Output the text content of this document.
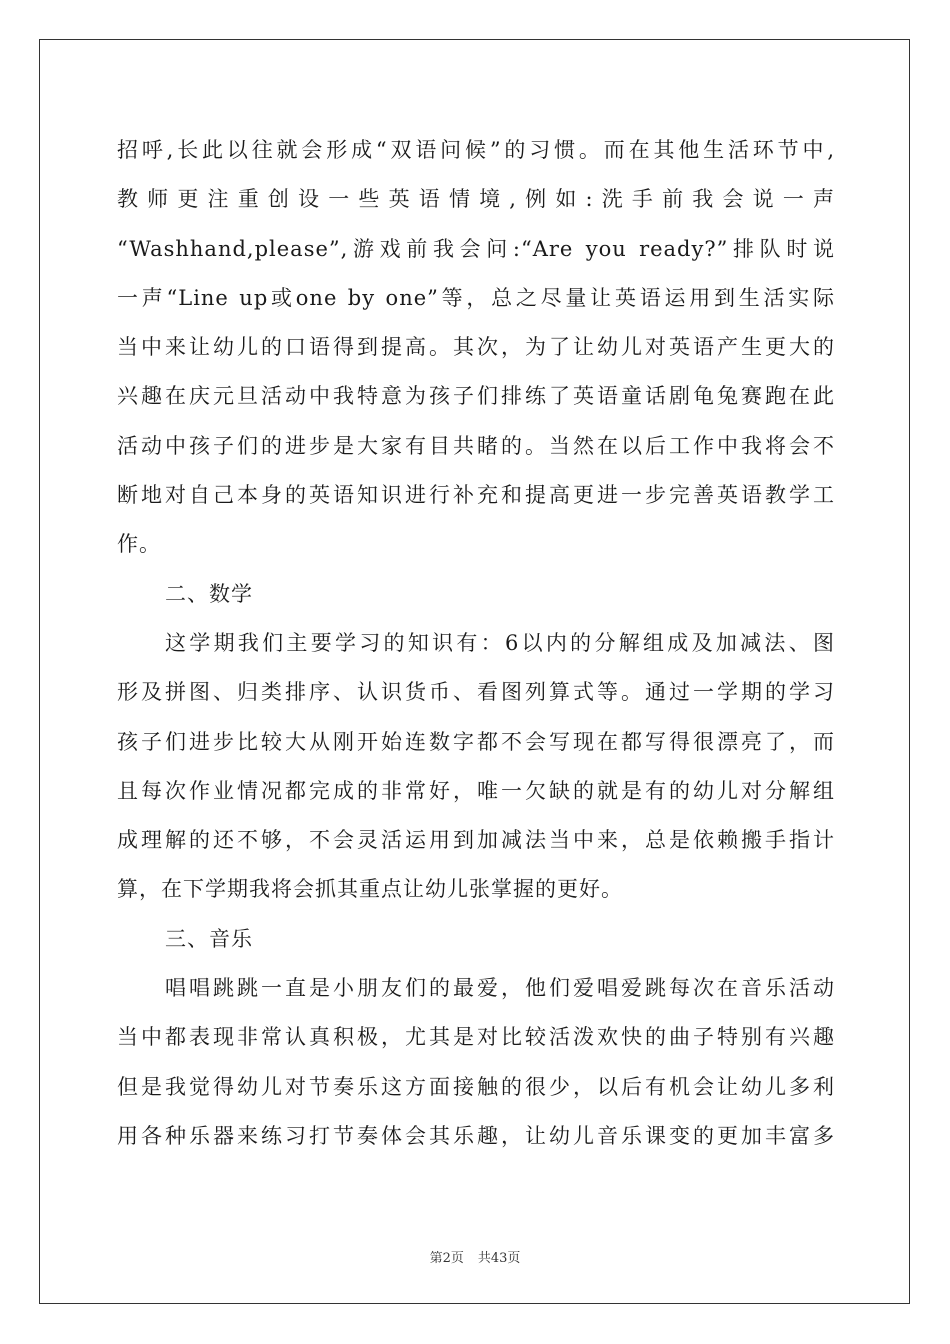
招呼,长此以往就会形成“双语问候”的习惯。而在其他生活环节中,
教师更注重创设一些英语情境,例如:洗手前我会说一声
“Washhand,please”,游戏前我会问:“Are you ready?”排队时说
一声“Line up或one by one”等，总之尽量让英语运用到生活实际
当中来让幼儿的口语得到提高。其次，为了让幼儿对英语产生更大的
兴趣在庆元旦活动中我特意为孩子们排练了英语童话剧龟兔赛跑在此
活动中孩子们的进步是大家有目共睹的。当然在以后工作中我将会不
断地对自己本身的英语知识进行补充和提高更进一步完善英语教学工
作。
二、数学
这学期我们主要学习的知识有：6以内的分解组成及加减法、图
形及拼图、归类排序、认识货币、看图列算式等。通过一学期的学习
孩子们进步比较大从刚开始连数字都不会写现在都写得很漂亮了，而
且每次作业情况都完成的非常好，唯一欠缺的就是有的幼儿对分解组
成理解的还不够，不会灵活运用到加减法当中来，总是依赖搬手指计
算，在下学期我将会抓其重点让幼儿张掌握的更好。
三、音乐
唱唱跳跳一直是小朋友们的最爱，他们爱唱爱跳每次在音乐活动
当中都表现非常认真积极，尤其是对比较活泼欢快的曲子特别有兴趣
但是我觉得幼儿对节奏乐这方面接触的很少，以后有机会让幼儿多利
用各种乐器来练习打节奏体会其乐趣，让幼儿音乐课变的更加丰富多
第2页 共43页
